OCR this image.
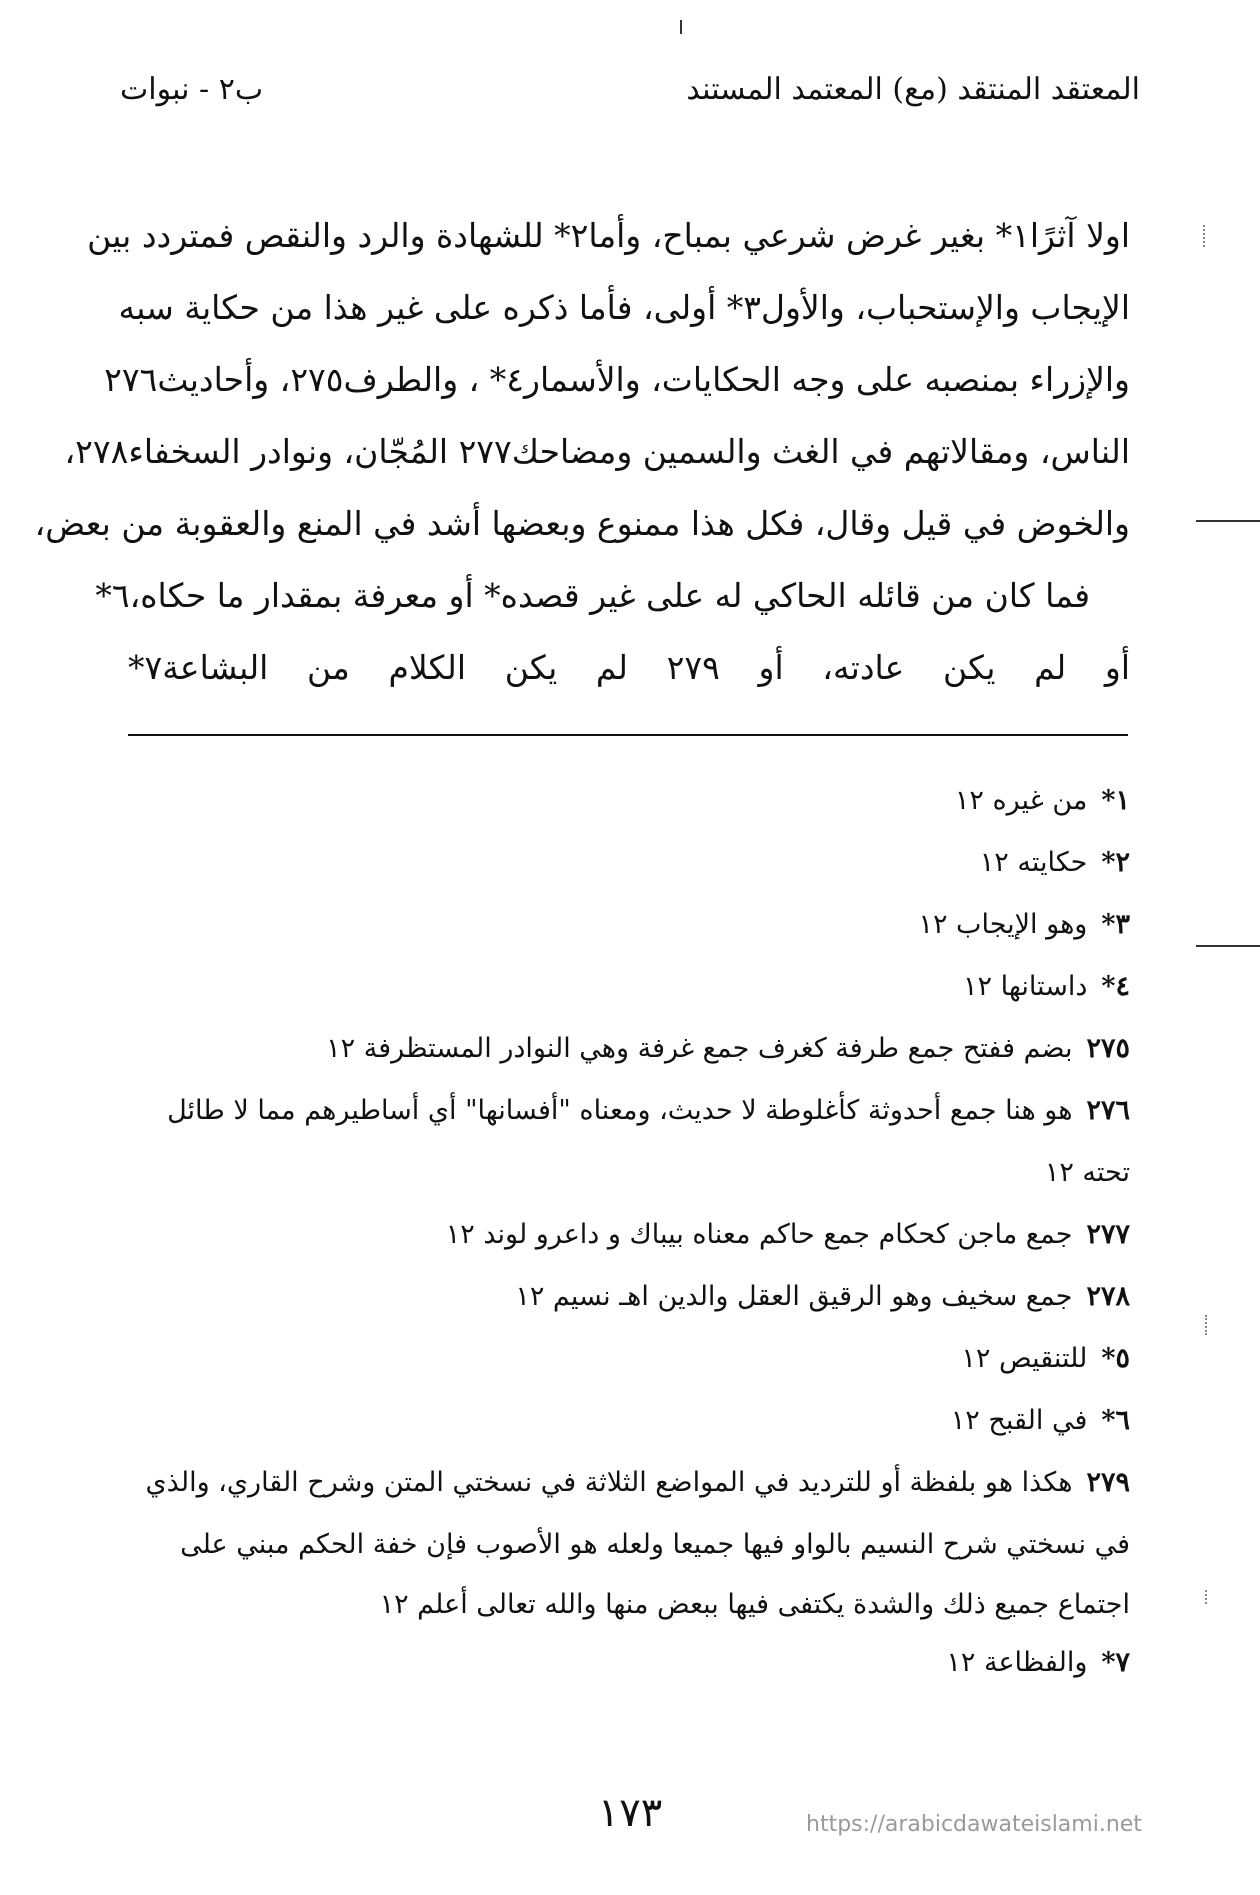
المعتقد المنتقد (مع) المعتمد المستند
ب٢ - نبوات
اولا آثرًا١* بغير غرض شرعي بمباح، وأما٢* للشهادة والرد والنقص فمتردد بين
الإيجاب والإستحباب، والأول٣* أولى، فأما ذكره على غير هذا من حكاية سبه
والإزراء بمنصبه على وجه الحكايات، والأسمار٤* ، والطرف٢٧٥، وأحاديث٢٧٦
الناس، ومقالاتهم في الغث والسمين ومضاحك٢٧٧ المُجّان، ونوادر السخفاء٢٧٨،
والخوض في قيل وقال، فكل هذا ممنوع وبعضها أشد في المنع والعقوبة من بعض،
فما كان من قائله الحاكي له على غير قصده* أو معرفة بمقدار ما حكاه،٦*
أو لم يكن عادته، أو ٢٧٩ لم يكن الكلام من البشاعة٧*
١*من غيره ١٢
٢*حكايته ١٢
٣*وهو الإيجاب ١٢
٤*داستانها ١٢
٢٧٥بضم ففتح جمع طرفة كغرف جمع غرفة وهي النوادر المستظرفة ١٢
٢٧٦هو هنا جمع أحدوثة كأغلوطة لا حديث، ومعناه "أفسانها" أي أساطيرهم مما لا طائل
تحته ١٢
٢٧٧جمع ماجن كحكام جمع حاكم معناه بيباك و داعرو لوند ١٢
٢٧٨جمع سخيف وهو الرقيق العقل والدين اهـ نسيم ١٢
٥*للتنقيص ١٢
٦*في القبح ١٢
٢٧٩هكذا هو بلفظة أو للترديد في المواضع الثلاثة في نسختي المتن وشرح القاري، والذي
في نسختي شرح النسيم بالواو فيها جميعا ولعله هو الأصوب فإن خفة الحكم مبني على
اجتماع جميع ذلك والشدة يكتفى فيها ببعض منها والله تعالى أعلم ١٢
٧*والفظاعة ١٢
١٧٣	https://arabicdawateislami.net
